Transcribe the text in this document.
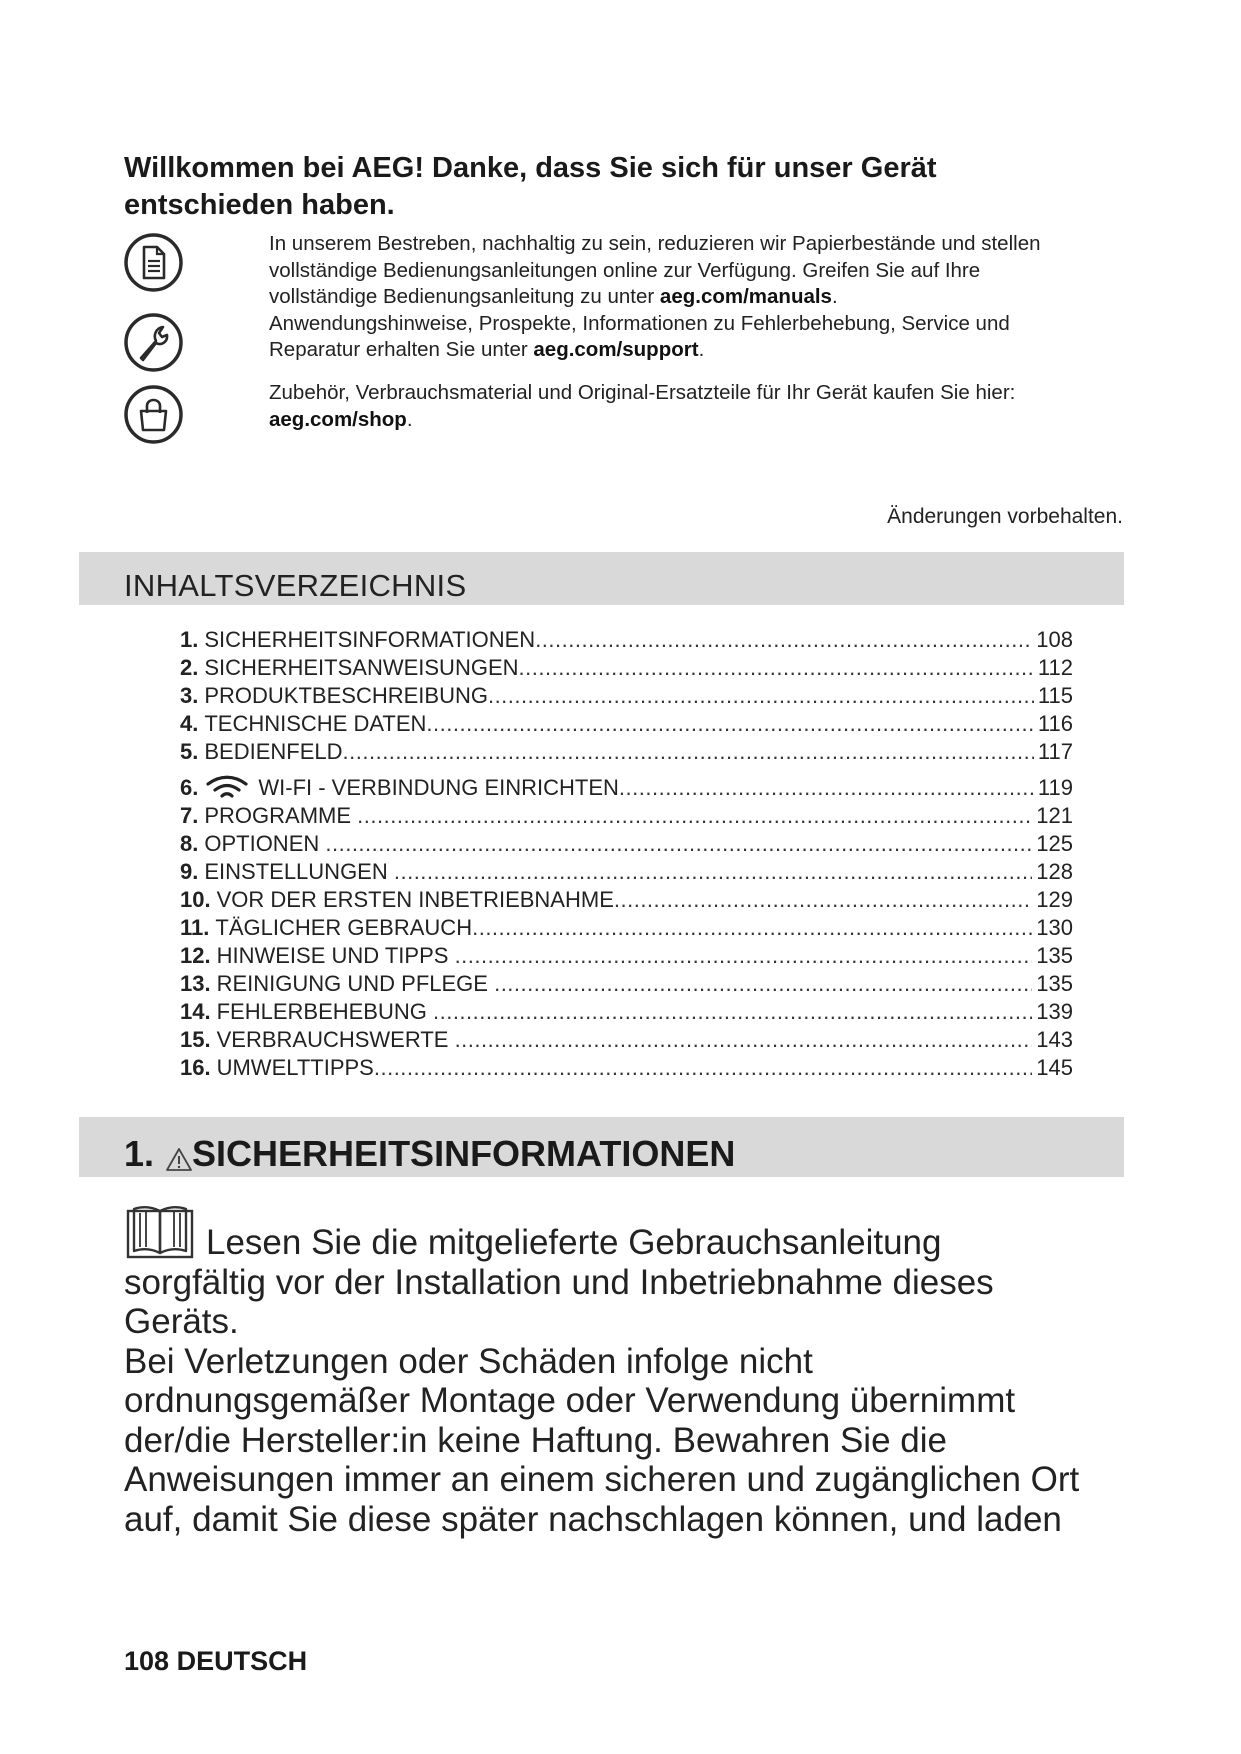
Willkommen bei AEG! Danke, dass Sie sich für unser Gerät
entschieden haben.
In unserem Bestreben, nachhaltig zu sein, reduzieren wir Papierbestände und stellen
vollständige Bedienungsanleitungen online zur Verfügung. Greifen Sie auf Ihre
vollständige Bedienungsanleitung zu unter aeg.com/manuals.
Anwendungshinweise, Prospekte, Informationen zu Fehlerbehebung, Service und
Reparatur erhalten Sie unter aeg.com/support.
Zubehör, Verbrauchsmaterial und Original-Ersatzteile für Ihr Gerät kaufen Sie hier:
aeg.com/shop.
Änderungen vorbehalten.
INHALTSVERZEICHNIS
1. SICHERHEITSINFORMATIONEN .....	108
2. SICHERHEITSANWEISUNGEN .....	112
3. PRODUKTBESCHREIBUNG .....	115
4. TECHNISCHE DATEN .....	116
5. BEDIENFELD .....	117
6.	WI-FI - VERBINDUNG EINRICHTEN .....	119
7. PROGRAMME .....	121
8. OPTIONEN .....	125
9. EINSTELLUNGEN .....	128
10. VOR DER ERSTEN INBETRIEBNAHME .....	129
11. TÄGLICHER GEBRAUCH .....	130
12. HINWEISE UND TIPPS .....	135
13. REINIGUNG UND PFLEGE .....	135
14. FEHLERBEHEBUNG .....	139
15. VERBRAUCHSWERTE .....	143
16. UMWELTTIPPS .....	145
1. SICHERHEITSINFORMATIONEN
Lesen Sie die mitgelieferte Gebrauchsanleitung
sorgfältig vor der Installation und Inbetriebnahme dieses
Geräts.
Bei Verletzungen oder Schäden infolge nicht
ordnungsgemäßer Montage oder Verwendung übernimmt
der/die Hersteller:in keine Haftung. Bewahren Sie die
Anweisungen immer an einem sicheren und zugänglichen Ort
auf, damit Sie diese später nachschlagen können, und laden
108 DEUTSCH
